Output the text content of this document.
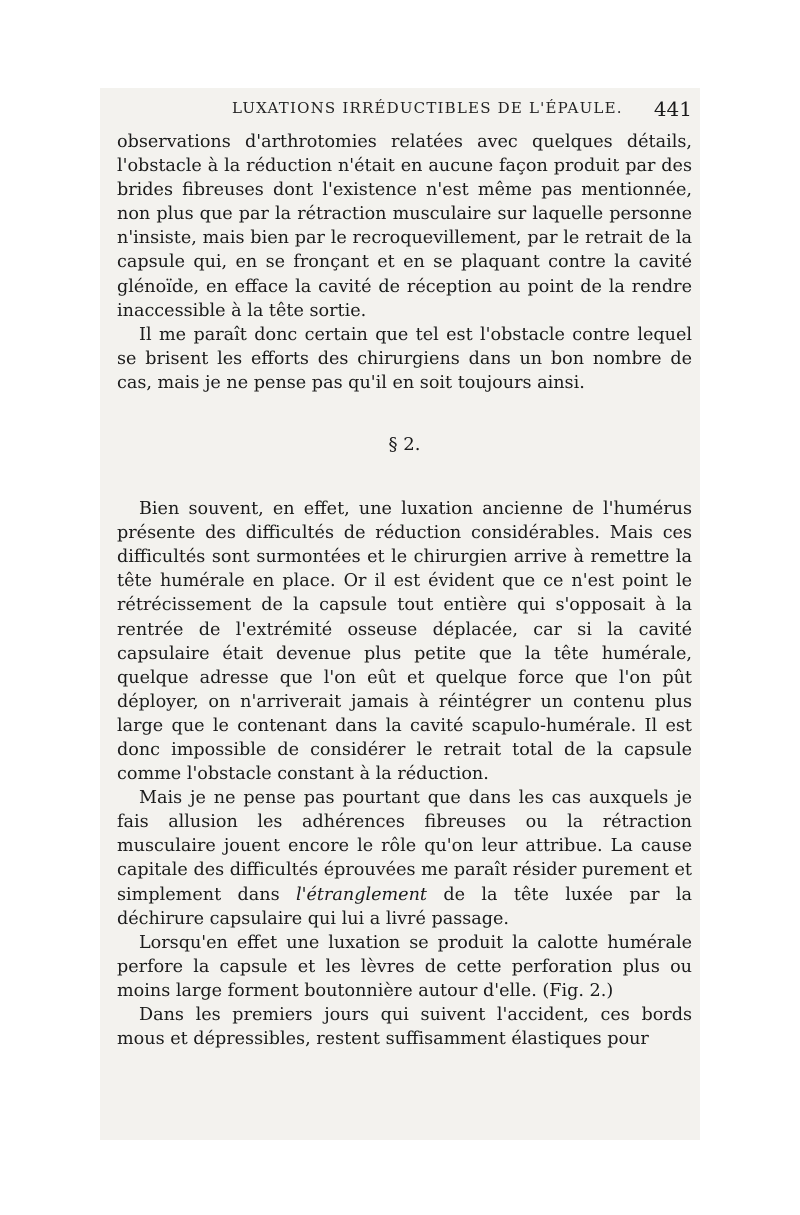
LUXATIONS IRRÉDUCTIBLES DE L'ÉPAULE. 441

observations d'arthrotomies relatées avec quelques détails, l'obstacle à la réduction n'était en aucune façon produit par des brides fibreuses dont l'existence n'est même pas mentionnée, non plus que par la rétraction musculaire sur laquelle personne n'insiste, mais bien par le recroquevillement, par le retrait de la capsule qui, en se fronçant et en se plaquant contre la cavité glénoïde, en efface la cavité de réception au point de la rendre inaccessible à la tête sortie.

Il me paraît donc certain que tel est l'obstacle contre lequel se brisent les efforts des chirurgiens dans un bon nombre de cas, mais je ne pense pas qu'il en soit toujours ainsi.

§ 2.

Bien souvent, en effet, une luxation ancienne de l'humérus présente des difficultés de réduction considérables. Mais ces difficultés sont surmontées et le chirurgien arrive à remettre la tête humérale en place. Or il est évident que ce n'est point le rétrécissement de la capsule tout entière qui s'opposait à la rentrée de l'extrémité osseuse déplacée, car si la cavité capsulaire était devenue plus petite que la tête humérale, quelque adresse que l'on eût et quelque force que l'on pût déployer, on n'arriverait jamais à réintégrer un contenu plus large que le contenant dans la cavité scapulo-humérale. Il est donc impossible de considérer le retrait total de la capsule comme l'obstacle constant à la réduction.

Mais je ne pense pas pourtant que dans les cas auxquels je fais allusion les adhérences fibreuses ou la rétraction musculaire jouent encore le rôle qu'on leur attribue. La cause capitale des difficultés éprouvées me paraît résider purement et simplement dans l'étranglement de la tête luxée par la déchirure capsulaire qui lui a livré passage.

Lorsqu'en effet une luxation se produit la calotte humérale perfore la capsule et les lèvres de cette perforation plus ou moins large forment boutonnière autour d'elle. (Fig. 2.)

Dans les premiers jours qui suivent l'accident, ces bords mous et dépressibles, restent suffisamment élastiques pour
